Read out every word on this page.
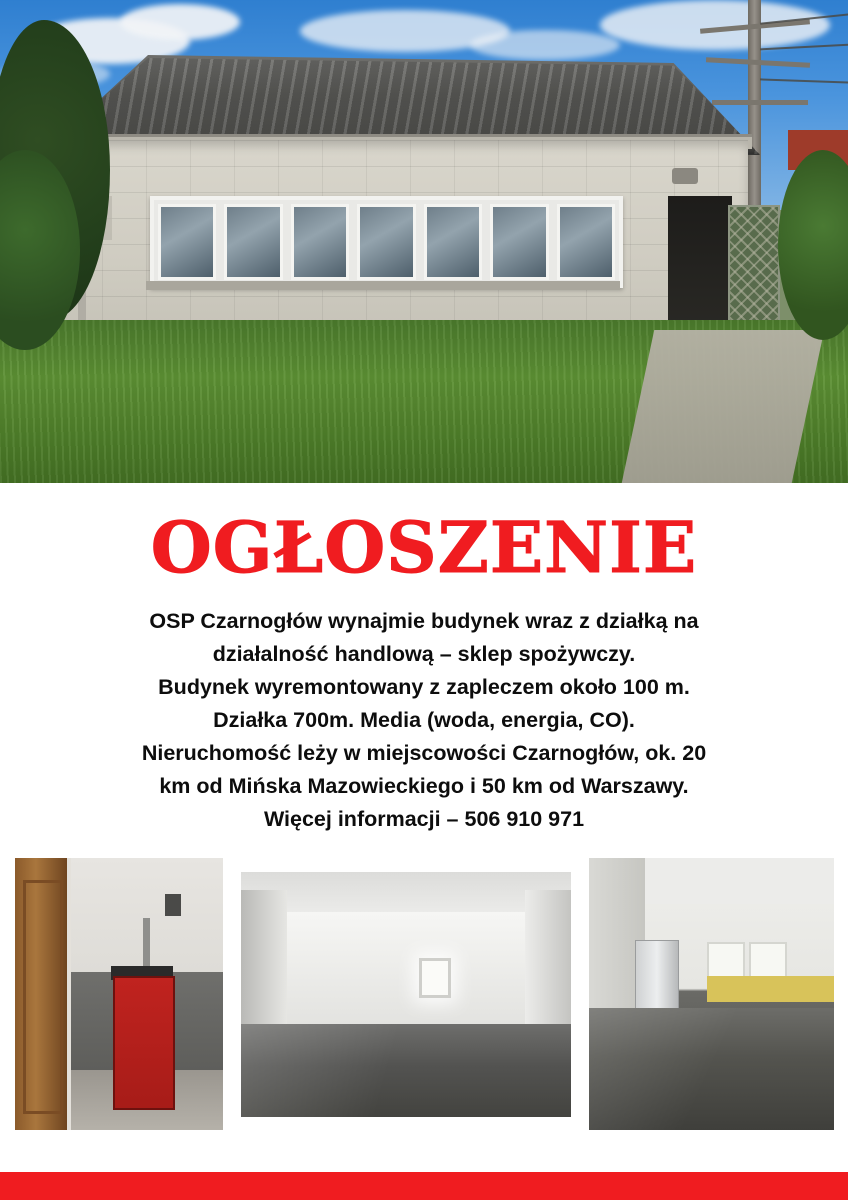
OGŁOSZENIE

OSP Czarnogłów wynajmie budynek wraz z działką na

działalność handlową – sklep spożywczy.

Budynek wyremontowany z zapleczem około 100 m.

Działka 700m. Media (woda, energia, CO).

Nieruchomość leży w miejscowości Czarnogłów, ok. 20

km od Mińska Mazowieckiego i 50 km od Warszawy.

Więcej informacji – 506 910 971
